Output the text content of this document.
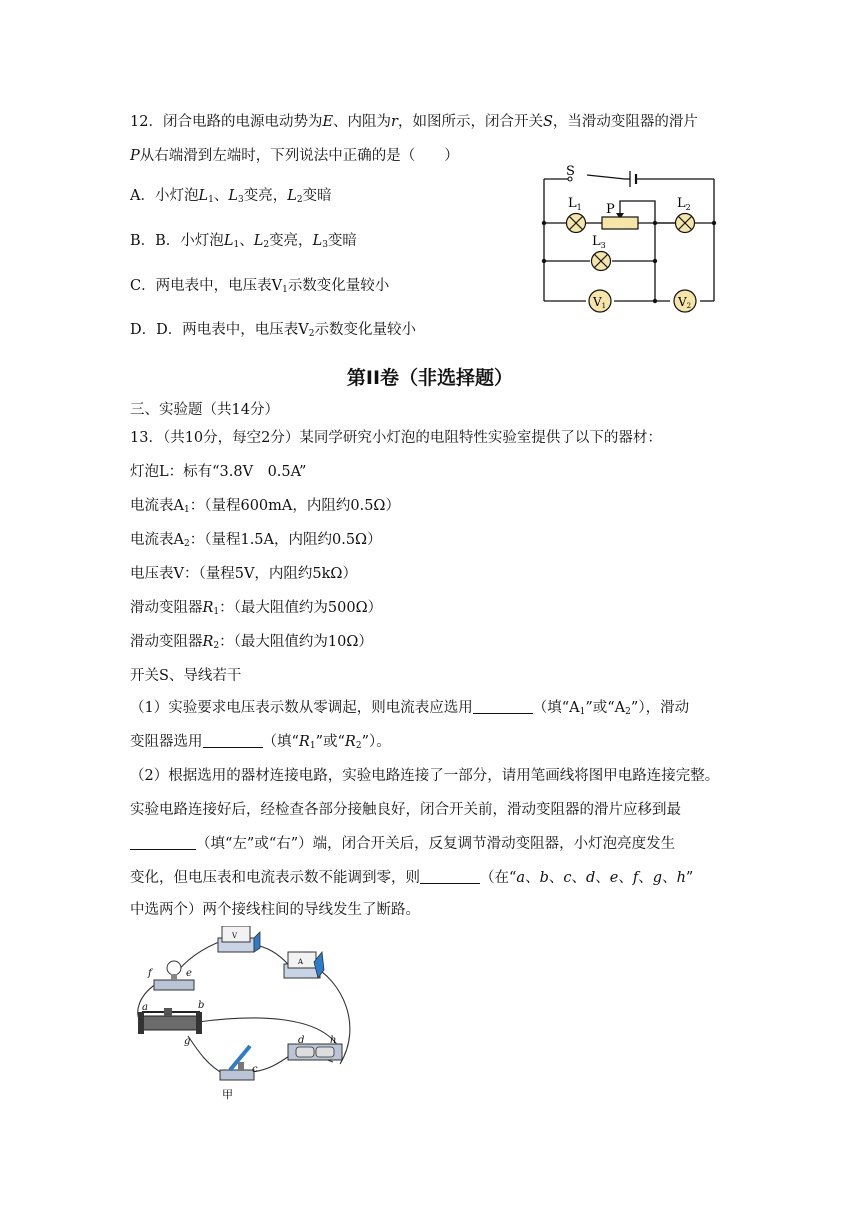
12．闭合电路的电源电动势为E、内阻为r，如图所示，闭合开关S，当滑动变阻器的滑片
P从右端滑到左端时，下列说法中正确的是（　　）
A．小灯泡$L_1$、$L_3$变亮，$L_2$变暗
B．B．小灯泡$L_1$、$L_2$变亮，$L_3$变暗
C．两电表中，电压表$V_1$示数变化量较小
D．D．两电表中，电压表$V_2$示数变化量较小
S
$L_1$ P	$L_2$
$L_3$
V1	V2
第II卷（非选择题）
三、实验题（共14分）
13．（共10分，每空2分）某同学研究小灯泡的电阻特性实验室提供了以下的器材：
灯泡L：标有“3.8V　0.5A”
电流表$A_1$：（量程600mA，内阻约0.5Ω）
电流表$A_2$：（量程1.5A，内阻约0.5Ω）
电压表V：（量程5V，内阻约5kΩ）
滑动变阻器$R_1$：（最大阻值约为500Ω）
滑动变阻器$R_2$：（最大阻值约为10Ω）
开关S、导线若干
（1）实验要求电压表示数从零调起，则电流表应选用	（填“$A_1$”或“$A_2$”），滑动
变阻器选用	（填“$R_1$”或“$R_2$”）。
（2）根据选用的器材连接电路，实验电路连接了一部分，请用笔画线将图甲电路连接完整。
实验电路连接好后，经检查各部分接触良好，闭合开关前，滑动变阻器的滑片应移到最
（填“左”或“右”）端，闭合开关后，反复调节滑动变阻器，小灯泡亮度发生
变化，但电压表和电流表示数不能调到零，则	（在“a、b、c、d、e、f、g、h”
中选两个）两个接线柱间的导线发生了断路。
f	e
a	b
g
c
d	h
V
A
甲
